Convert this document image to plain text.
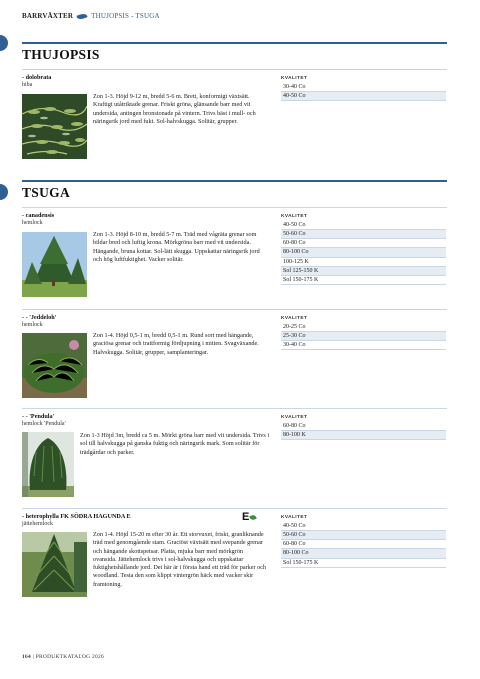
BARRVÄXTER	THUJOPSIS - TSUGA
THUJOPSIS
- dolobrata
hiba
Zon 1-3. Höjd 9-12 m, bredd 5-6 m. Brett, konformigt växtsätt. Kraftigt utåtriktade grenar. Friskt gröna, glänsande barr med vit undersida, antingen bronstonade på vintern. Trivs bäst i mull- och näringsrik jord med fukt. Sol-halvskugga. Solitär, grupper.
KVALITET
30-40 Co
40-50 Co
TSUGA
- canadensis
hemlock
Zon 1-3. Höjd 8-10 m, bredd 5-7 m. Träd med vågräta grenar som bildar bred och luftig krona. Mörkgröna barr med vit undersida. Hängande, bruna kottar. Sol-lätt skugga. Uppskattar näringsrik jord och hög luftfuktighet. Vacker solitär.
KVALITET
40-50 Co
50-60 Co
60-80 Co
80-100 Co
100-125 K
Sol 125-150 K
Sol 150-175 K
- - 'Jeddeloh'
hemlock
Zon 1-4. Höjd 0,5-1 m, bredd 0,5-1 m. Rund sort med hängande, graciösa grenar och trattformig fördjupning i mitten. Svagväxande. Halvskugga. Solitär, grupper, samplanteringar.
KVALITET
20-25 Co
25-30 Co
30-40 Co
- - 'Pendula'
hemlock 'Pendula'
Zon 1-3 Höjd 3m, bredd ca 5 m. Mörkt gröna barr med vit undersida. Trivs i sol till halvskugga på ganska fuktig och näringsrik mark. Som solitär för trädgårdar och parker.
KVALITET
60-80 Co
80-100 K
- heterophylla FK SÖDRA HAGUNDA E
jättehemlock
E
Zon 1-4. Höjd 15-20 m efter 30 år. Ett storvuxet, friskt, granliknande träd med genomgående stam. Graciöst växtsätt med svepande grenar och hängande skottspetsar. Platta, mjuka barr med mörkgrön ovansida. Jättehemlock trivs i sol-halvskugga och uppskattar fuktighetshållande jord. Det här är i första hand ett träd för parker och woodland. Testa den som klippt vintergrön häck med vacker skir framtoning.
KVALITET
40-50 Co
50-60 Co
60-80 Co
80-100 Co
Sol 150-175 K
164 | PRODUKTKATALOG 2026
